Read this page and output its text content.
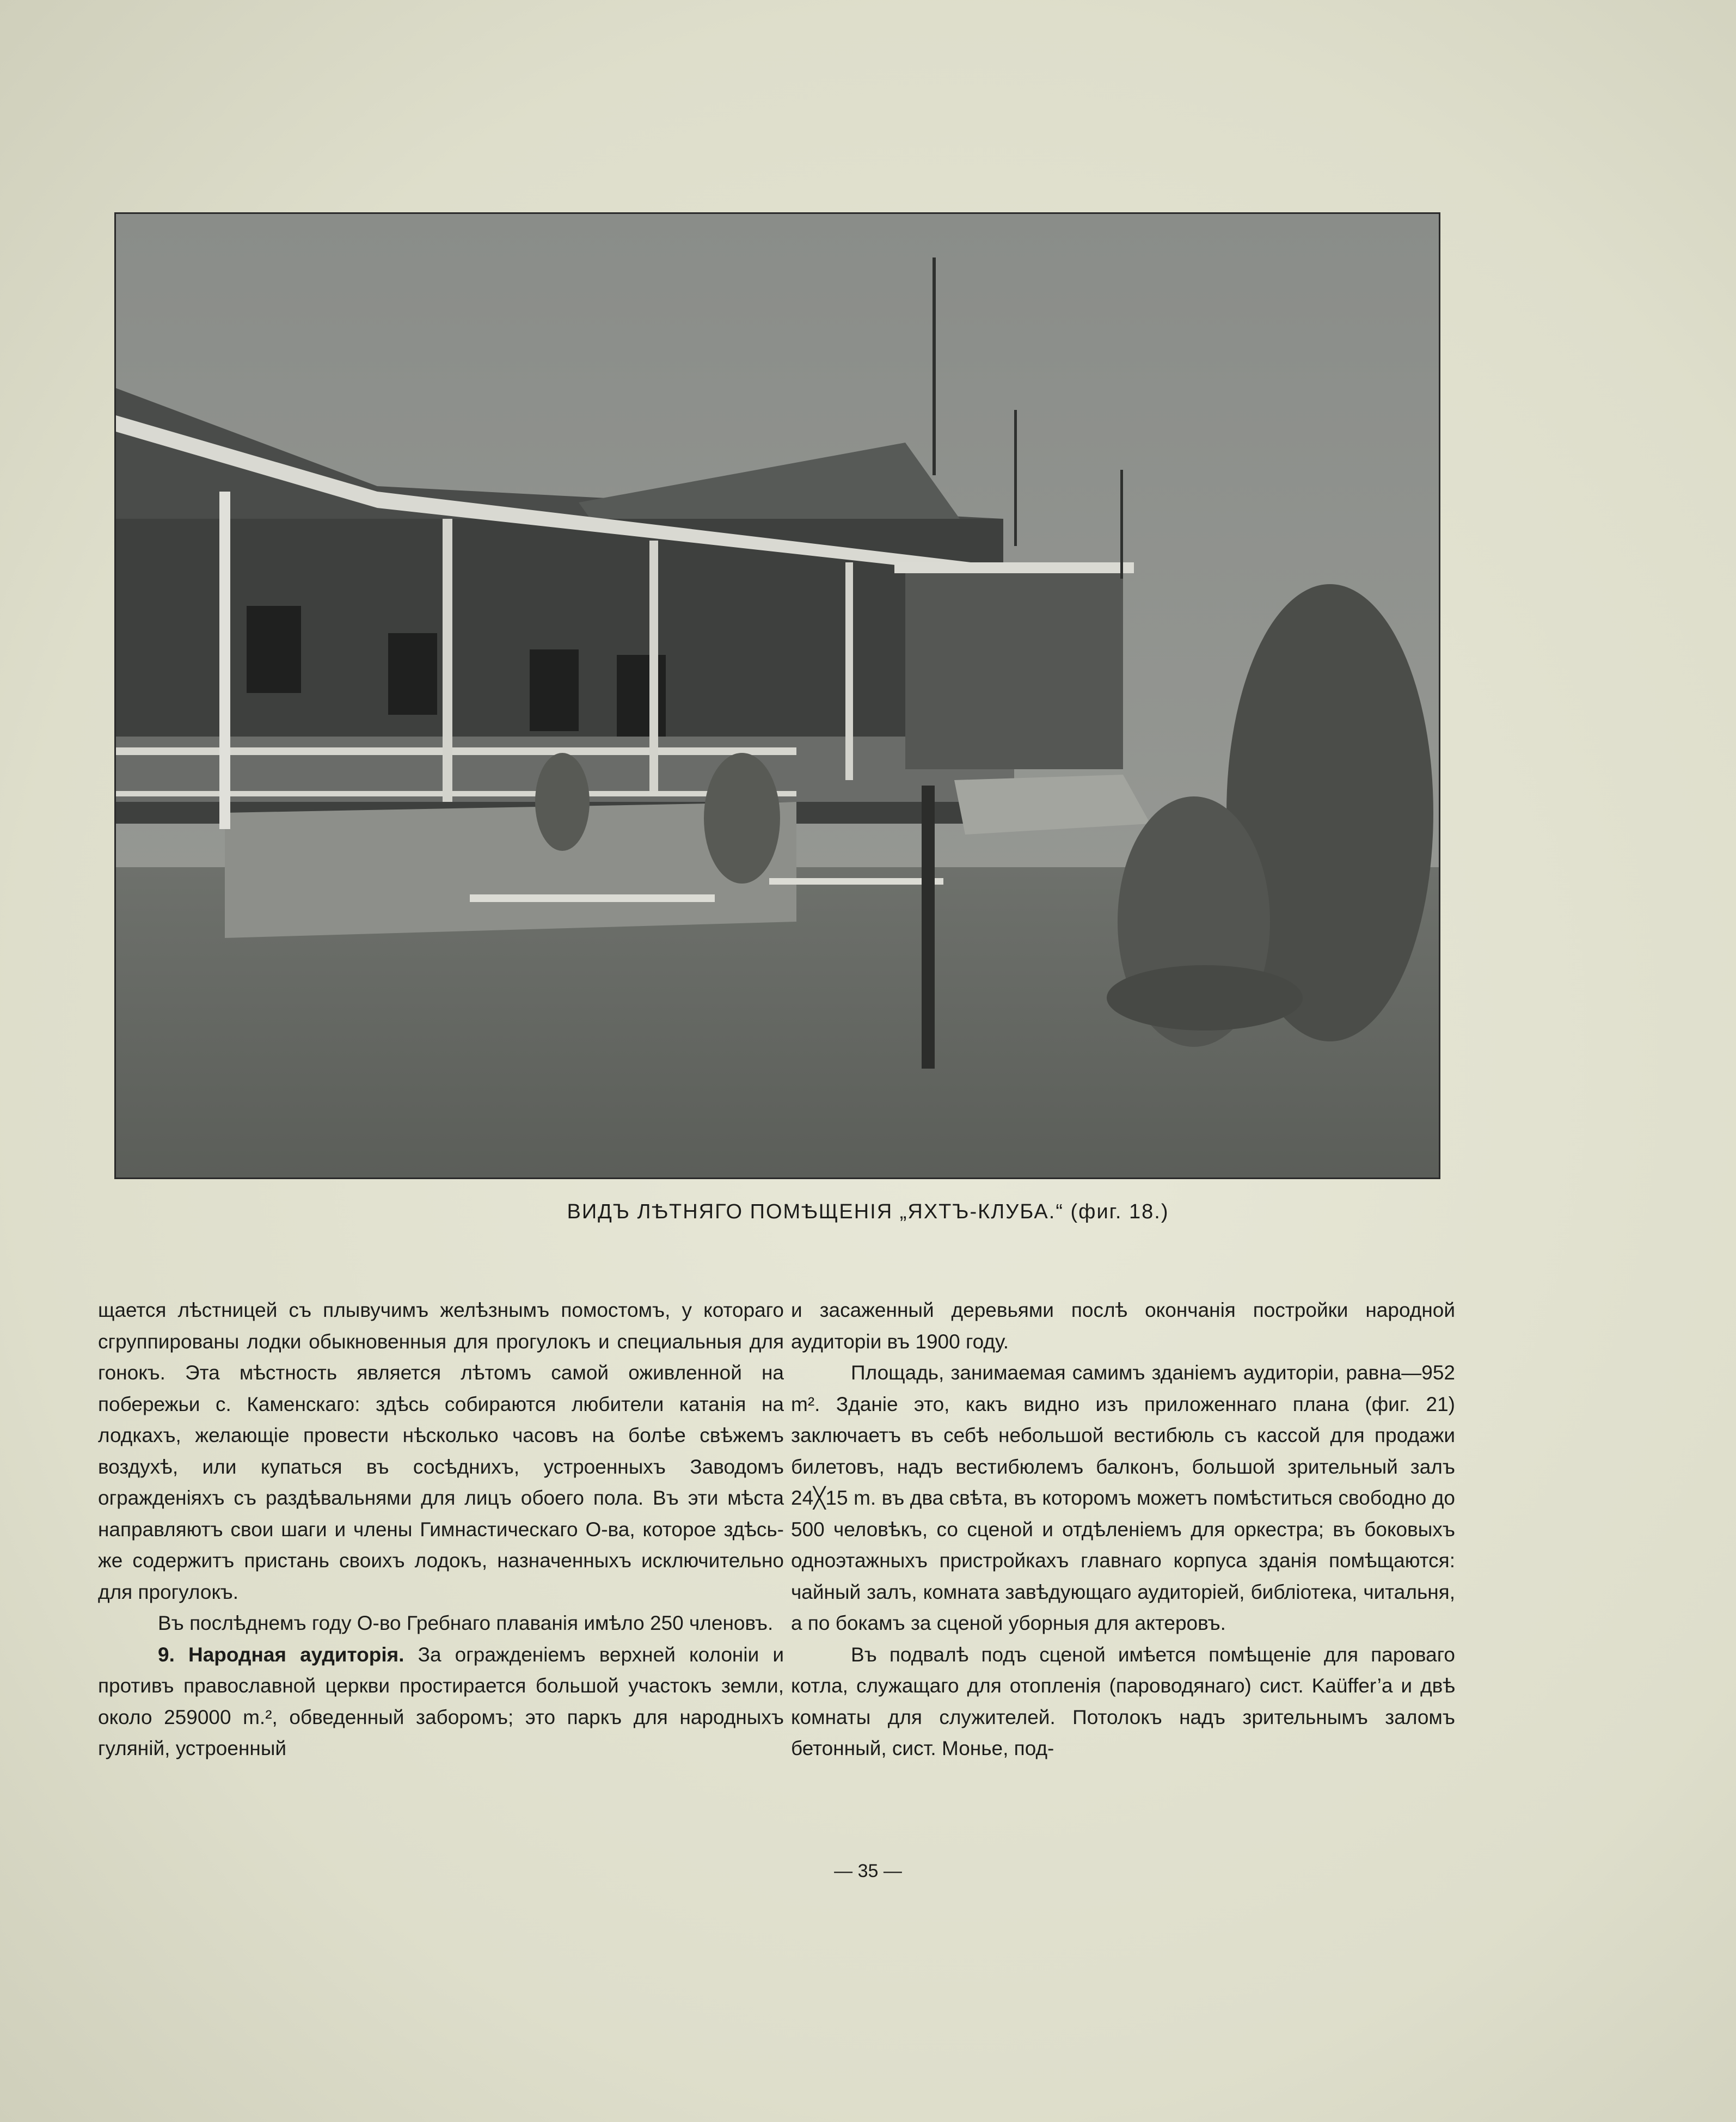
ВИДЪ ЛѢТНЯГО ПОМѢЩЕНІЯ „ЯХТЪ-КЛУБА.“ (фиг. 18.)

щается лѣстницей съ плывучимъ желѣзнымъ помостомъ, у котораго сгруппированы лодки обыкновенныя для прогулокъ и специальныя для гонокъ. Эта мѣстность является лѣтомъ самой оживленной на побережьи с. Каменскаго: здѣсь собираются любители катанія на лодкахъ, желающіе провести нѣсколько часовъ на болѣе свѣжемъ воздухѣ, или купаться въ сосѣднихъ, устроенныхъ Заводомъ огражденіяхъ съ раздѣвальнями для лицъ обоего пола. Въ эти мѣста направляютъ свои шаги и члены Гимнастическаго О-ва, которое здѣсь-же содержитъ пристань своихъ лодокъ, назначенныхъ исключительно для прогулокъ.

Въ послѣднемъ году О-во Гребнаго плаванія имѣло 250 членовъ.

9. Народная аудиторія. За огражденіемъ верхней колоніи и противъ православной церкви простирается большой участокъ земли, около 259000 m.², обведенный заборомъ; это паркъ для народныхъ гуляній, устроенный

и засаженный деревьями послѣ окончанія постройки народной аудиторіи въ 1900 году.

Площадь, занимаемая самимъ зданіемъ аудиторіи, равна—952 m². Зданіе это, какъ видно изъ приложеннаго плана (фиг. 21) заключаетъ въ себѣ небольшой вестибюль съ кассой для продажи билетовъ, надъ вестибюлемъ балконъ, большой зрительный залъ 24╳15 m. въ два свѣта, въ которомъ можетъ помѣститься свободно до 500 человѣкъ, со сценой и отдѣленіемъ для оркестра; въ боковыхъ одноэтажныхъ пристройкахъ главнаго корпуса зданія помѣщаются: чайный залъ, комната завѣдующаго аудиторіей, библіотека, читальня, а по бокамъ за сценой уборныя для актеровъ.

Въ подвалѣ подъ сценой имѣется помѣщеніе для пароваго котла, служащаго для отопленія (пароводянаго) сист. Kaüffer’a и двѣ комнаты для служителей. Потолокъ надъ зрительнымъ заломъ бетонный, сист. Монье, под-

— 35 —
